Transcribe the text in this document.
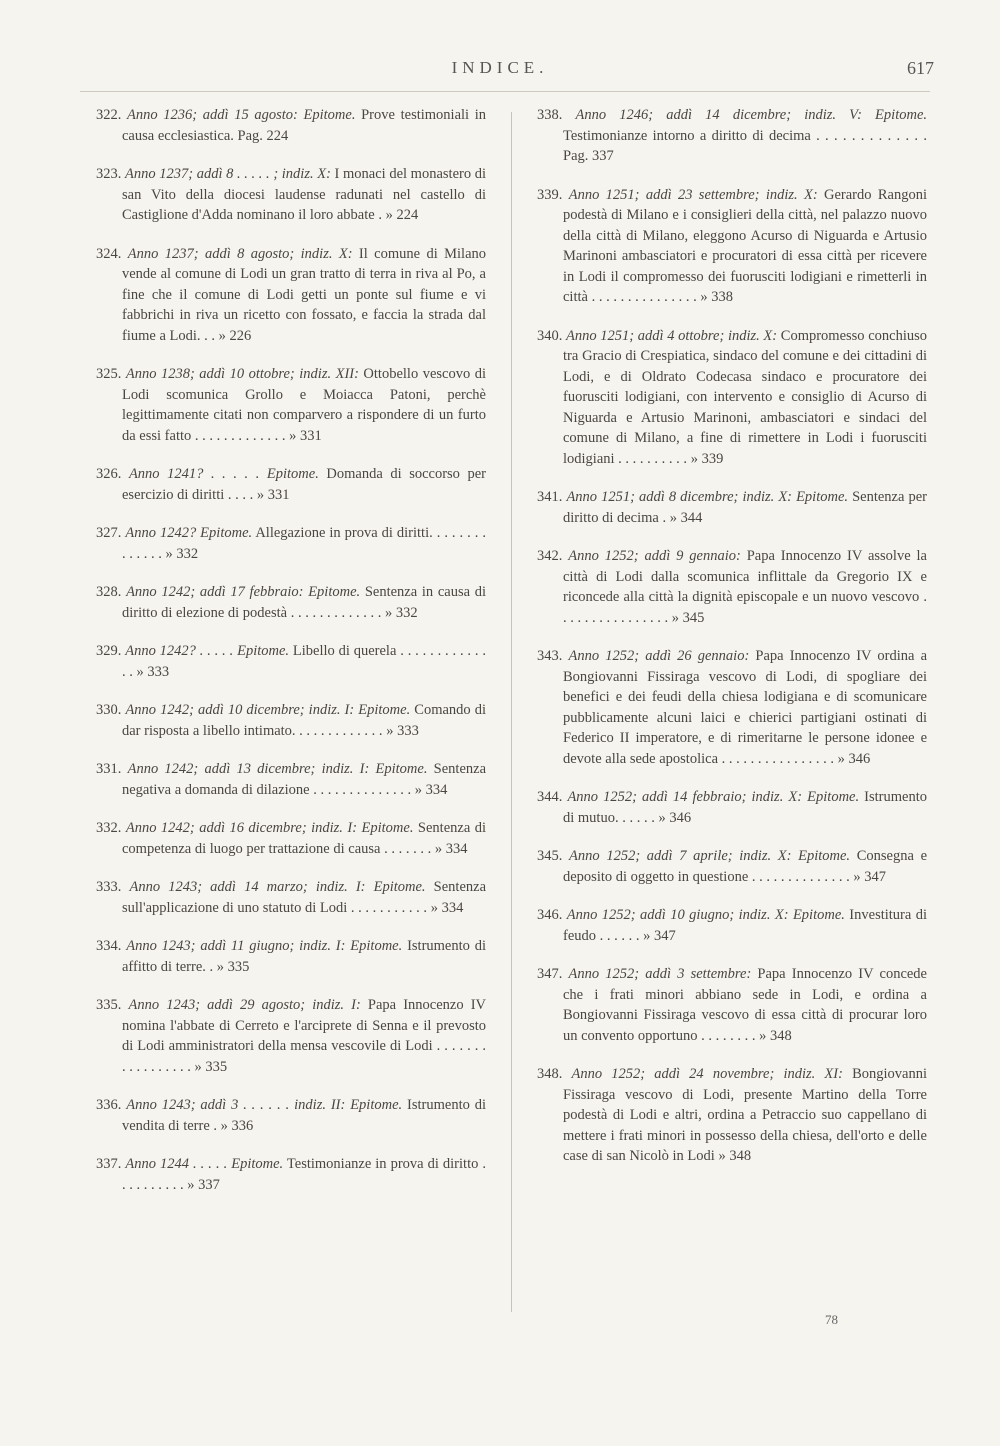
INDICE.	617

322. Anno 1236; addì 15 agosto: Epitome. Prove testimoniali in causa ecclesiastica. Pag. 224

323. Anno 1237; addì 8 . . . . . ; indiz. X: I monaci del monastero di san Vito della diocesi laudense radunati nel castello di Castiglione d'Adda nominano il loro abbate . » 224

324. Anno 1237; addì 8 agosto; indiz. X: Il comune di Milano vende al comune di Lodi un gran tratto di terra in riva al Po, a fine che il comune di Lodi getti un ponte sul fiume e vi fabbrichi in riva un ricetto con fossato, e faccia la strada dal fiume a Lodi. . . » 226

325. Anno 1238; addì 10 ottobre; indiz. XII: Ottobello vescovo di Lodi scomunica Grollo e Moiacca Patoni, perchè legittimamente citati non comparvero a rispondere di un furto da essi fatto . . . . . . . . . . . . . » 331

326. Anno 1241? . . . . . Epitome. Domanda di soccorso per esercizio di diritti . . . . » 331

327. Anno 1242? Epitome. Allegazione in prova di diritti. . . . . . . . . . . . . . » 332

328. Anno 1242; addì 17 febbraio: Epitome. Sentenza in causa di diritto di elezione di podestà . . . . . . . . . . . . . » 332

329. Anno 1242? . . . . . Epitome. Libello di querela . . . . . . . . . . . . . . » 333

330. Anno 1242; addì 10 dicembre; indiz. I: Epitome. Comando di dar risposta a libello intimato. . . . . . . . . . . . . » 333

331. Anno 1242; addì 13 dicembre; indiz. I: Epitome. Sentenza negativa a domanda di dilazione . . . . . . . . . . . . . . » 334

332. Anno 1242; addì 16 dicembre; indiz. I: Epitome. Sentenza di competenza di luogo per trattazione di causa . . . . . . . » 334

333. Anno 1243; addì 14 marzo; indiz. I: Epitome. Sentenza sull'applicazione di uno statuto di Lodi . . . . . . . . . . . » 334

334. Anno 1243; addì 11 giugno; indiz. I: Epitome. Istrumento di affitto di terre. . » 335

335. Anno 1243; addì 29 agosto; indiz. I: Papa Innocenzo IV nomina l'abbate di Cerreto e l'arciprete di Senna e il prevosto di Lodi amministratori della mensa vescovile di Lodi . . . . . . . . . . . . . . . . . » 335

336. Anno 1243; addì 3 . . . . . . indiz. II: Epitome. Istrumento di vendita di terre . » 336

337. Anno 1244 . . . . . Epitome. Testimonianze in prova di diritto . . . . . . . . . . » 337

338. Anno 1246; addì 14 dicembre; indiz. V: Epitome. Testimonianze intorno a diritto di decima . . . . . . . . . . . . . Pag. 337

339. Anno 1251; addì 23 settembre; indiz. X: Gerardo Rangoni podestà di Milano e i consiglieri della città, nel palazzo nuovo della città di Milano, eleggono Acurso di Niguarda e Artusio Marinoni ambasciatori e procuratori di essa città per ricevere in Lodi il compromesso dei fuorusciti lodigiani e rimetterli in città . . . . . . . . . . . . . . . » 338

340. Anno 1251; addì 4 ottobre; indiz. X: Compromesso conchiuso tra Gracio di Crespiatica, sindaco del comune e dei cittadini di Lodi, e di Oldrato Codecasa sindaco e procuratore dei fuorusciti lodigiani, con intervento e consiglio di Acurso di Niguarda e Artusio Marinoni, ambasciatori e sindaci del comune di Milano, a fine di rimettere in Lodi i fuorusciti lodigiani . . . . . . . . . . » 339

341. Anno 1251; addì 8 dicembre; indiz. X: Epitome. Sentenza per diritto di decima . » 344

342. Anno 1252; addì 9 gennaio: Papa Innocenzo IV assolve la città di Lodi dalla scomunica inflittale da Gregorio IX e riconcede alla città la dignità episcopale e un nuovo vescovo . . . . . . . . . . . . . . . . » 345

343. Anno 1252; addì 26 gennaio: Papa Innocenzo IV ordina a Bongiovanni Fissiraga vescovo di Lodi, di spogliare dei benefici e dei feudi della chiesa lodigiana e di scomunicare pubblicamente alcuni laici e chierici partigiani ostinati di Federico II imperatore, e di rimeritarne le persone idonee e devote alla sede apostolica . . . . . . . . . . . . . . . . » 346

344. Anno 1252; addì 14 febbraio; indiz. X: Epitome. Istrumento di mutuo. . . . . . » 346

345. Anno 1252; addì 7 aprile; indiz. X: Epitome. Consegna e deposito di oggetto in questione . . . . . . . . . . . . . . » 347

346. Anno 1252; addì 10 giugno; indiz. X: Epitome. Investitura di feudo . . . . . . » 347

347. Anno 1252; addì 3 settembre: Papa Innocenzo IV concede che i frati minori abbiano sede in Lodi, e ordina a Bongiovanni Fissiraga vescovo di essa città di procurar loro un convento opportuno . . . . . . . . » 348

348. Anno 1252; addì 24 novembre; indiz. XI: Bongiovanni Fissiraga vescovo di Lodi, presente Martino della Torre podestà di Lodi e altri, ordina a Petraccio suo cappellano di mettere i frati minori in possesso della chiesa, dell'orto e delle case di san Nicolò in Lodi » 348

78
